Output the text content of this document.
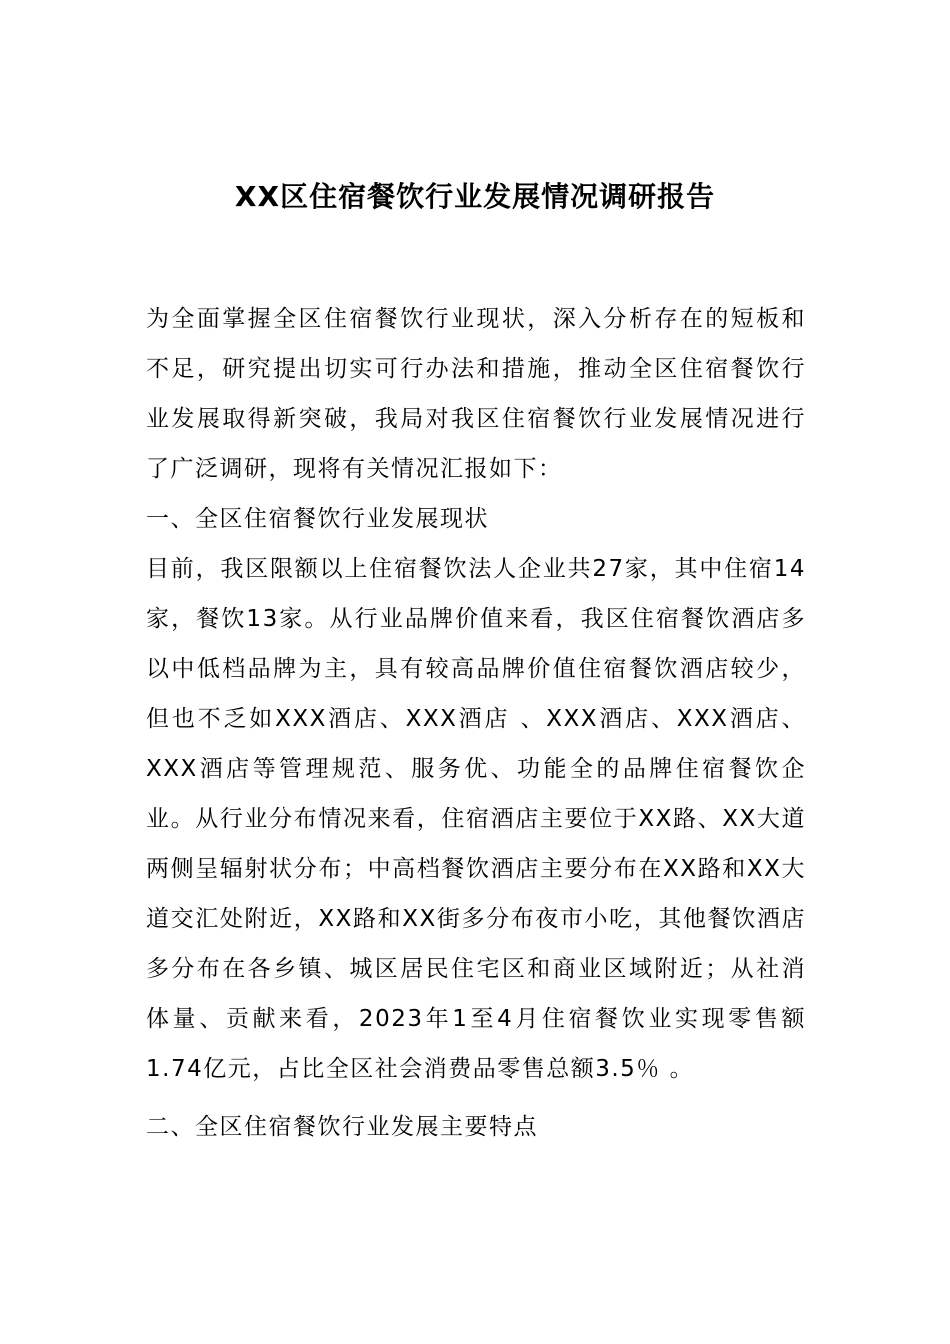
XX区住宿餐饮行业发展情况调研报告

为全面掌握全区住宿餐饮行业现状，深入分析存在的短板和不足，研究提出切实可行办法和措施，推动全区住宿餐饮行业发展取得新突破，我局对我区住宿餐饮行业发展情况进行了广泛调研，现将有关情况汇报如下：

一、全区住宿餐饮行业发展现状

目前，我区限额以上住宿餐饮法人企业共27家，其中住宿14家，餐饮13家。从行业品牌价值来看，我区住宿餐饮酒店多以中低档品牌为主，具有较高品牌价值住宿餐饮酒店较少，但也不乏如XXX酒店、XXX酒店 、XXX酒店、XXX酒店、XXX酒店等管理规范、服务优、功能全的品牌住宿餐饮企业。从行业分布情况来看，住宿酒店主要位于XX路、XX大道两侧呈辐射状分布；中高档餐饮酒店主要分布在XX路和XX大道交汇处附近，XX路和XX街多分布夜市小吃，其他餐饮酒店多分布在各乡镇、城区居民住宅区和商业区域附近；从社消体量、贡献来看，2023年1至4月住宿餐饮业实现零售额1.74亿元，占比全区社会消费品零售总额3.5％ 。

二、全区住宿餐饮行业发展主要特点
